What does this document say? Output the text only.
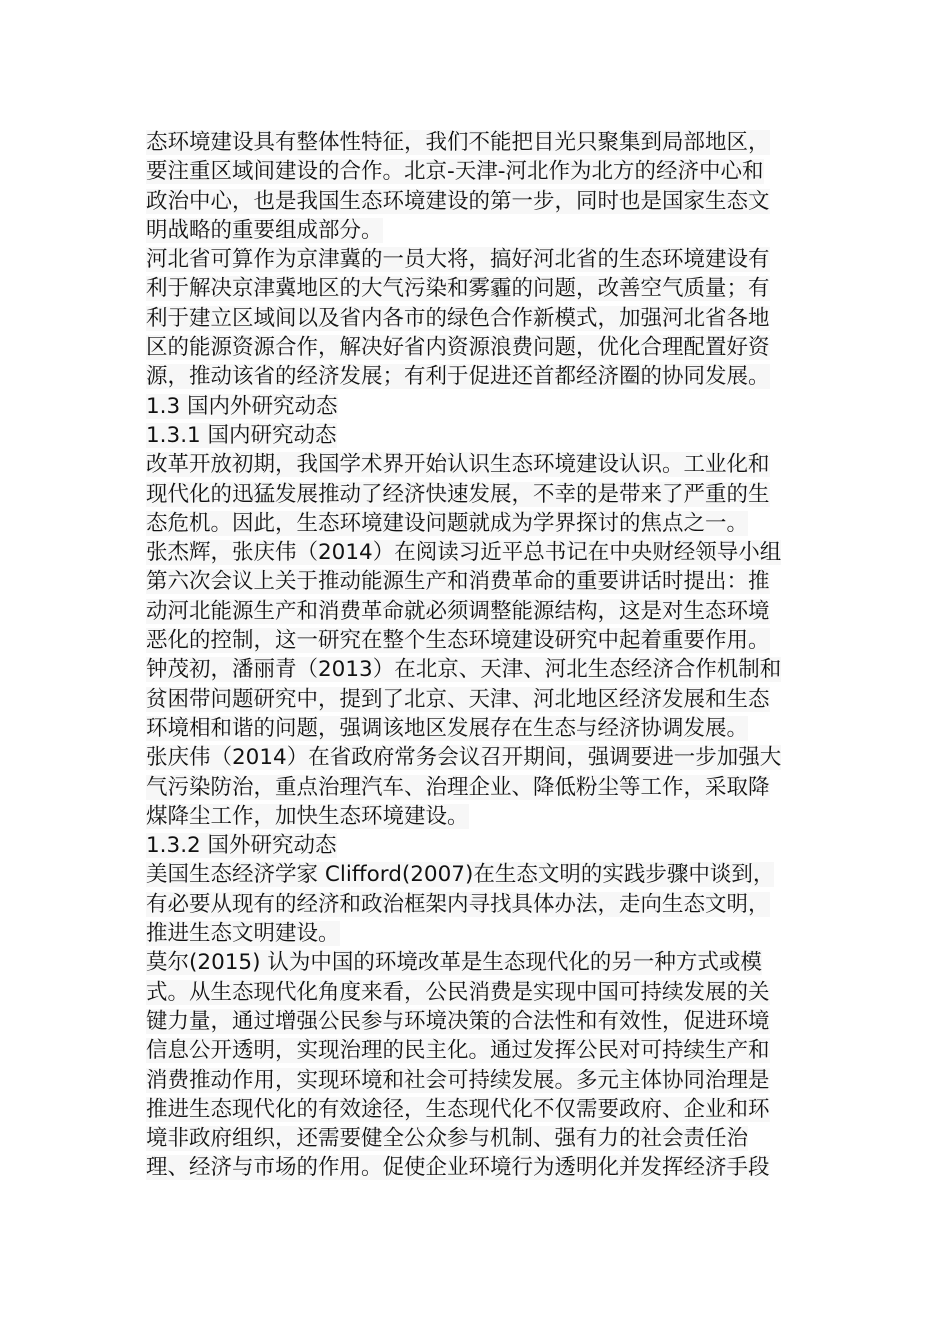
态环境建设具有整体性特征，我们不能把目光只聚集到局部地区，
要注重区域间建设的合作。北京-天津-河北作为北方的经济中心和
政治中心，也是我国生态环境建设的第一步，同时也是国家生态文
明战略的重要组成部分。
河北省可算作为京津冀的一员大将，搞好河北省的生态环境建设有
利于解决京津冀地区的大气污染和雾霾的问题，改善空气质量；有
利于建立区域间以及省内各市的绿色合作新模式，加强河北省各地
区的能源资源合作，解决好省内资源浪费问题，优化合理配置好资
源，推动该省的经济发展；有利于促进还首都经济圈的协同发展。
1.3 国内外研究动态
1.3.1 国内研究动态
改革开放初期，我国学术界开始认识生态环境建设认识。工业化和
现代化的迅猛发展推动了经济快速发展，不幸的是带来了严重的生
态危机。因此，生态环境建设问题就成为学界探讨的焦点之一。
张杰辉，张庆伟（2014）在阅读习近平总书记在中央财经领导小组
第六次会议上关于推动能源生产和消费革命的重要讲话时提出：推
动河北能源生产和消费革命就必须调整能源结构，这是对生态环境
恶化的控制，这一研究在整个生态环境建设研究中起着重要作用。
钟茂初，潘丽青（2013）在北京、天津、河北生态经济合作机制和
贫困带问题研究中，提到了北京、天津、河北地区经济发展和生态
环境相和谐的问题，强调该地区发展存在生态与经济协调发展。
张庆伟（2014）在省政府常务会议召开期间，强调要进一步加强大
气污染防治，重点治理汽车、治理企业、降低粉尘等工作，采取降
煤降尘工作，加快生态环境建设。
1.3.2 国外研究动态
美国生态经济学家 Clifford(2007)在生态文明的实践步骤中谈到，
有必要从现有的经济和政治框架内寻找具体办法，走向生态文明，
推进生态文明建设。
莫尔(2015) 认为中国的环境改革是生态现代化的另一种方式或模
式。从生态现代化角度来看，公民消费是实现中国可持续发展的关
键力量，通过增强公民参与环境决策的合法性和有效性，促进环境
信息公开透明，实现治理的民主化。通过发挥公民对可持续生产和
消费推动作用，实现环境和社会可持续发展。多元主体协同治理是
推进生态现代化的有效途径，生态现代化不仅需要政府、企业和环
境非政府组织，还需要健全公众参与机制、强有力的社会责任治
理、经济与市场的作用。促使企业环境行为透明化并发挥经济手段
